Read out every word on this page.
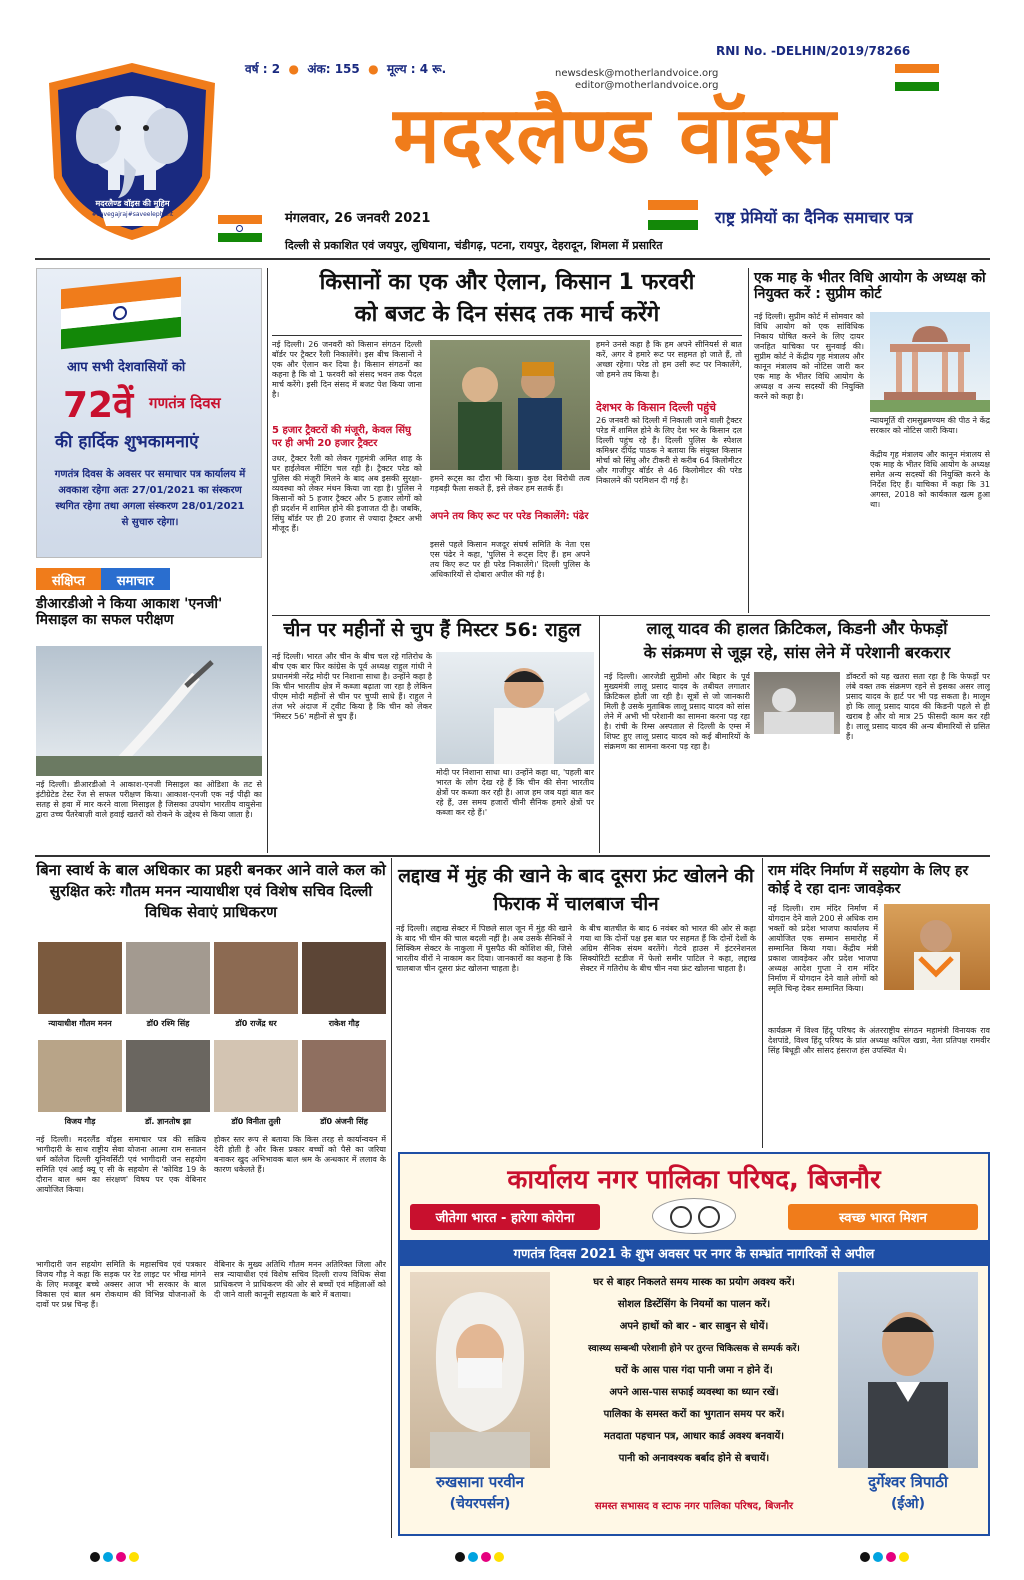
मदरलैण्ड वॉइस की मुहिम
#savegajraj#saveelephant
वर्ष : 2  ●  अंक: 155  ●  मूल्य : 4 रू.
RNI No. -DELHIN/2019/78266
newsdesk@motherlandvoice.org
editor@motherlandvoice.org
मदरलैण्ड वॉइस
मंगलवार, 26 जनवरी 2021	राष्ट्र प्रेमियों का दैनिक समाचार पत्र
दिल्ली से प्रकाशित एवं जयपुर, लुधियाना, चंडीगढ़, पटना, रायपुर, देहरादून, शिमला में प्रसारित
आप सभी देशवासियों को
72वें गणतंत्र दिवस
की हार्दिक शुभकामनाएं
गणतंत्र दिवस के अवसर पर समाचार पत्र कार्यालय में अवकाश रहेगा अतः 27/01/2021 का संस्करण स्थगित रहेगा तथा अगला संस्करण 28/01/2021 से सुचारु रहेगा।
संक्षिप्त	समाचार
डीआरडीओ ने किया आकाश 'एनजी' मिसाइल का सफल परीक्षण
नई दिल्ली। डीआरडीओ ने आकाश-एनजी मिसाइल का ओडिशा के तट से इंटीग्रेटेड टेस्ट रेंज से सफल परीक्षण किया। आकाश-एनजी एक नई पीढ़ी का सतह से हवा में मार करने वाला मिसाइल है जिसका उपयोग भारतीय वायुसेना द्वारा उच्च पैंतरेबाज़ी वाले हवाई खतरों को रोकने के उद्देश्य से किया जाता है।
किसानों का एक और ऐलान, किसान 1 फरवरी
को बजट के दिन संसद तक मार्च करेंगे
नई दिल्ली। 26 जनवरी को किसान संगठन दिल्ली बॉर्डर पर ट्रैक्टर रैली निकालेंगे। इस बीच किसानों ने एक और ऐलान कर दिया है। किसान संगठनों का कहना है कि वो 1 फरवरी को संसद भवन तक पैदल मार्च करेंगे। इसी दिन संसद में बजट पेश किया जाना है।
5 हजार ट्रैक्टरों की मंजूरी, केवल सिंघु पर ही अभी 20 हजार ट्रैक्टर
उधर, ट्रैक्टर रैली को लेकर गृहमंत्री अमित शाह के घर हाईलेवल मीटिंग चल रही है। ट्रैक्टर परेड को पुलिस की मंजूरी मिलने के बाद अब इसकी सुरक्षा-व्यवस्था को लेकर मंथन किया जा रहा है। पुलिस ने किसानों को 5 हजार ट्रैक्टर और 5 हजार लोगों को ही प्रदर्शन में शामिल होने की इजाजत दी है। जबकि, सिंघु बॉर्डर पर ही 20 हजार से ज्यादा ट्रैक्टर अभी मौजूद हैं।
हमने रूट्स का दौरा भी किया। कुछ देश विरोधी तत्व गड़बड़ी फैला सकते हैं, इसे लेकर हम सतर्क हैं।
अपने तय किए रूट पर परेड निकालेंगे: पंढेर
इससे पहले किसान मजदूर संघर्ष समिति के नेता एस एस पंढेर ने कहा, 'पुलिस ने रूट्स दिए हैं। हम अपने तय किए रूट पर ही परेड निकालेंगे।' दिल्ली पुलिस के अधिकारियों से दोबारा अपील की गई है।
हमने उनसे कहा है कि हम अपने सीनियर्स से बात करें, अगर वे हमारे रूट पर सहमत हो जाते हैं, तो अच्छा रहेगा। परेड तो हम उसी रूट पर निकालेंगे, जो हमने तय किया है।
देशभर के किसान दिल्ली पहुंचे
26 जनवरी को दिल्ली में निकाली जाने वाली ट्रैक्टर परेड में शामिल होने के लिए देश भर के किसान दल दिल्ली पहुंच रहे हैं। दिल्ली पुलिस के स्पेशल कमिश्नर दीपेंद्र पाठक ने बताया कि संयुक्त किसान मोर्चा को सिंघु और टीकरी से करीब 64 किलोमीटर और गाजीपुर बॉर्डर से 46 किलोमीटर की परेड निकालने की परमिशन दी गई है।
एक माह के भीतर विधि आयोग के अध्यक्ष को नियुक्त करें : सुप्रीम कोर्ट
नई दिल्ली। सुप्रीम कोर्ट में सोमवार को विधि आयोग को एक सांविधिक निकाय घोषित करने के लिए दायर जनहित याचिका पर सुनवाई की। सुप्रीम कोर्ट ने केंद्रीय गृह मंत्रालय और कानून मंत्रालय को नोटिस जारी कर एक माह के भीतर विधि आयोग के अध्यक्ष व अन्य सदस्यों की नियुक्ति करने को कहा है।
न्यायमूर्ति वी रामसुब्रमण्यम की पीठ ने केंद्र सरकार को नोटिस जारी किया।
केंद्रीय गृह मंत्रालय और कानून मंत्रालय से एक माह के भीतर विधि आयोग के अध्यक्ष समेत अन्य सदस्यों की नियुक्ति करने के निर्देश दिए हैं। याचिका में कहा कि 31 अगस्त, 2018 को कार्यकाल खत्म हुआ था।
चीन पर महीनों से चुप हैं मिस्टर 56: राहुल
नई दिल्ली। भारत और चीन के बीच चल रहे गतिरोध के बीच एक बार फिर कांग्रेस के पूर्व अध्यक्ष राहुल गांधी ने प्रधानमंत्री नरेंद्र मोदी पर निशाना साधा है। उन्होंने कहा है कि चीन भारतीय क्षेत्र में कब्जा बढ़ाता जा रहा है लेकिन पीएम मोदी महीनों से चीन पर चुप्पी साधे हैं। राहुल ने तंज भरे अंदाज में ट्वीट किया है कि चीन को लेकर 'मिस्टर 56' महीनों से चुप हैं।
मोदी पर निशाना साधा था। उन्होंने कहा था, 'पहली बार भारत के लोग देख रहे हैं कि चीन की सेना भारतीय क्षेत्रों पर कब्जा कर रही है। आज हम जब यहां बात कर रहे हैं, उस समय हजारों चीनी सैनिक हमारे क्षेत्रों पर कब्जा कर रहे हैं।'
लालू यादव की हालत क्रिटिकल, किडनी और फेफड़ों
के संक्रमण से जूझ रहे, सांस लेने में परेशानी बरकरार
नई दिल्ली। आरजेडी सुप्रीमो और बिहार के पूर्व मुख्यमंत्री लालू प्रसाद यादव के तबीयत लगातार क्रिटिकल होती जा रही है। सूत्रों से जो जानकारी मिली है उसके मुताबिक लालू प्रसाद यादव को सांस लेने में अभी भी परेशानी का सामना करना पड़ रहा है। रांची के रिम्स अस्पताल से दिल्ली के एम्स में शिफ्ट हुए लालू प्रसाद यादव को कई बीमारियों के संक्रमण का सामना करना पड़ रहा है।
डॉक्टरों को यह खतरा सता रहा है कि फेफड़ों पर लंबे वक्त तक संक्रमण रहने से इसका असर लालू प्रसाद यादव के हार्ट पर भी पड़ सकता है। मालूम हो कि लालू प्रसाद यादव की किडनी पहले से ही खराब है और वो मात्र 25 फीसदी काम कर रही है। लालू प्रसाद यादव की अन्य बीमारियों से ग्रसित हैं।
बिना स्वार्थ के बाल अधिकार का प्रहरी बनकर आने वाले कल को सुरक्षित करेः गौतम मनन न्यायाधीश एवं विशेष सचिव दिल्ली विधिक सेवाएं प्राधिकरण
न्यायाधीश गौतम मनन	डॉ0 रश्मि सिंह	डॉ0 राजेंद्र धर	राकेश गौड़
विजय गौड़	डॉ. ज्ञानतोष झा	डॉ0 विनीता तुली	डॉ0 अंजनी सिंह
नई दिल्ली। मदरलैंड वॉइस समाचार पत्र की सक्रिय भागीदारी के साथ राष्ट्रीय सेवा योजना आत्मा राम सनातन धर्म कॉलेज दिल्ली यूनिवर्सिटी एवं भागीदारी जन सहयोग समिति एवं आई क्यू ए सी के सहयोग से 'कोविड 19 के दौरान बाल श्रम का संरक्षण' विषय पर एक वेबिनार आयोजित किया।
भागीदारी जन सहयोग समिति के महासचिव एवं पत्रकार विजय गौड़ ने कहा कि सड़क पर रेड लाइट पर भीख मांगने के लिए मजबूर बच्चे अक्सर आज भी सरकार के बाल विकास एवं बाल श्रम रोकथाम की विभिन्न योजनाओं के दावों पर प्रश्न चिन्ह हैं।
होकर स्तर रूप से बताया कि किस तरह से कार्यान्वयन में देरी होती है और किस प्रकार बच्चों को पैसे का जरिया बनाकर खुद अभिभावक बाल श्रम के अन्धकार में ललाव के कारण धकेलते हैं।
वेबिनार के मुख्य अतिथि गौतम मनन अतिरिक्त जिला और सत्र न्यायाधीश एवं विशेष सचिव दिल्ली राज्य विधिक सेवा प्राधिकरण ने प्राधिकरण की ओर से बच्चों एवं महिलाओं को दी जाने वाली कानूनी सहायता के बारे में बताया।
लद्दाख में मुंह की खाने के बाद दूसरा फ्रंट खोलने की फिराक में चालबाज चीन
नई दिल्ली। लद्दाख सेक्टर में पिछले साल जून में मुंह की खाने के बाद भी चीन की चाल बदली नहीं है। अब उसके सैनिकों ने सिक्किम सेक्टर के नाकुला में घुसपैठ की कोशिश की, जिसे भारतीय वीरों ने नाकाम कर दिया। जानकारों का कहना है कि चालबाज चीन दूसरा फ्रंट खोलना चाहता है।
के बीच बातचीत के बाद 6 नवंबर को भारत की ओर से कहा गया था कि दोनों पक्ष इस बात पर सहमत हैं कि दोनों देशों के अग्रिम सैनिक संयम बरतेंगे। गेटवे हाउस में इंटरनेशनल सिक्योरिटी स्टडीज में फेलो समीर पाटिल ने कहा, लद्दाख सेक्टर में गतिरोध के बीच चीन नया फ्रंट खोलना चाहता है।
राम मंदिर निर्माण में सहयोग के लिए हर कोई दे रहा दानः जावड़ेकर
नई दिल्ली। राम मंदिर निर्माण में योगदान देने वाले 200 से अधिक राम भक्तों को प्रदेश भाजपा कार्यालय में आयोजित एक सम्मान समारोह में सम्मानित किया गया। केंद्रीय मंत्री प्रकाश जावड़ेकर और प्रदेश भाजपा अध्यक्ष आदेश गुप्ता ने राम मंदिर निर्माण में योगदान देने वाले लोगों को स्मृति चिन्ह देकर सम्मानित किया।
कार्यक्रम में विश्व हिंदू परिषद के अंतरराष्ट्रीय संगठन महामंत्री विनायक राव देशपांडे, विश्व हिंदू परिषद के प्रांत अध्यक्ष कपिल खन्ना, नेता प्रतिपक्ष रामवीर सिंह बिधूड़ी और सांसद हंसराज हंस उपस्थित थे।
कार्यालय नगर पालिका परिषद, बिजनौर
जीतेगा भारत - हारेगा कोरोना	स्वच्छ भारत मिशन
गणतंत्र दिवस 2021 के शुभ अवसर पर नगर के सम्भ्रांत नागरिकों से अपील
रुखसाना परवीन
(चेयरपर्सन)
घर से बाहर निकलते समय मास्क का प्रयोग अवश्य करें।
सोशल डिस्टेंसिंग के नियमों का पालन करें।
अपने हाथों को बार - बार साबुन से धोयें।
स्वास्थ्य सम्बन्धी परेशानी होने पर तुरन्त चिकित्सक से सम्पर्क करें।
घरों के आस पास गंदा पानी जमा न होने दें।
अपने आस-पास सफाई व्यवस्था का ध्यान रखें।
पालिका के समस्त करों का भुगतान समय पर करें।
मतदाता पहचान पत्र, आधार कार्ड अवश्य बनवायें।
पानी को अनावश्यक बर्बाद होने से बचायें।
समस्त सभासद व स्टाफ नगर पालिका परिषद, बिजनौर
दुर्गेश्वर त्रिपाठी
(ईओ)
